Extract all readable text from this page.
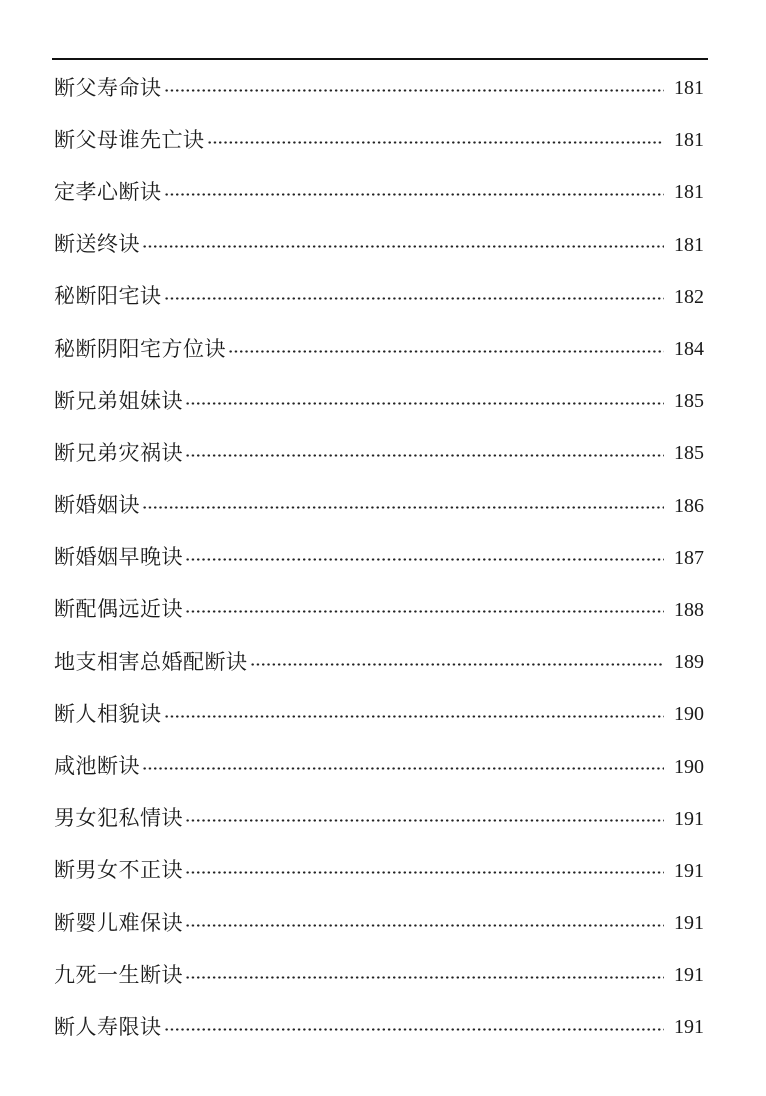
断父寿命诀	181
断父母谁先亡诀	181
定孝心断诀	181
断送终诀	181
秘断阳宅诀	182
秘断阴阳宅方位诀	184
断兄弟姐妹诀	185
断兄弟灾祸诀	185
断婚姻诀	186
断婚姻早晚诀	187
断配偶远近诀	188
地支相害总婚配断诀	189
断人相貌诀	190
咸池断诀	190
男女犯私情诀	191
断男女不正诀	191
断婴儿难保诀	191
九死一生断诀	191
断人寿限诀	191
